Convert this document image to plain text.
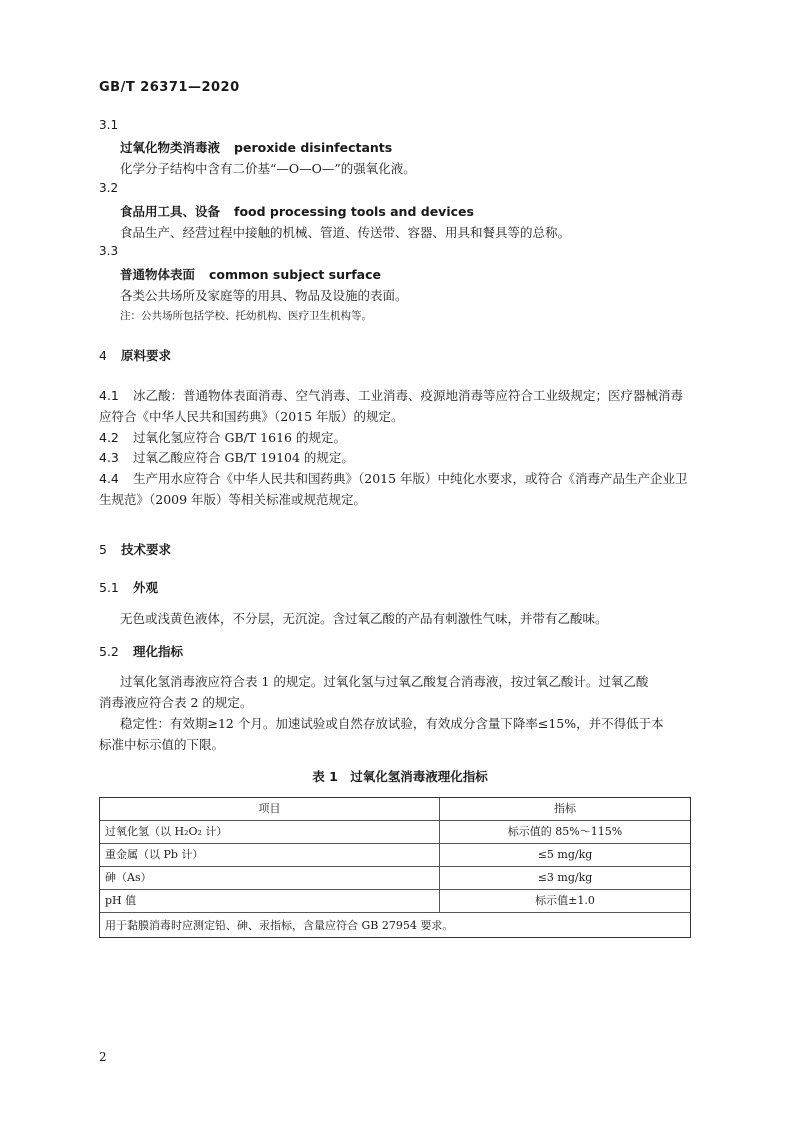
GB/T 26371—2020
3.1
过氧化物类消毒液 peroxide disinfectants
化学分子结构中含有二价基“—O—O—”的强氧化液。
3.2
食品用工具、设备 food processing tools and devices
食品生产、经营过程中接触的机械、管道、传送带、容器、用具和餐具等的总称。
3.3
普通物体表面 common subject surface
各类公共场所及家庭等的用具、物品及设施的表面。
注：公共场所包括学校、托幼机构、医疗卫生机构等。
4 原料要求
4.1 冰乙酸：普通物体表面消毒、空气消毒、工业消毒、疫源地消毒等应符合工业级规定；医疗器械消毒
应符合《中华人民共和国药典》（2015 年版）的规定。
4.2 过氧化氢应符合 GB/T 1616 的规定。
4.3 过氧乙酸应符合 GB/T 19104 的规定。
4.4 生产用水应符合《中华人民共和国药典》（2015 年版）中纯化水要求，或符合《消毒产品生产企业卫
生规范》（2009 年版）等相关标准或规范规定。
5 技术要求
5.1 外观
无色或浅黄色液体，不分层，无沉淀。含过氧乙酸的产品有刺激性气味，并带有乙酸味。
5.2 理化指标
过氧化氢消毒液应符合表 1 的规定。过氧化氢与过氧乙酸复合消毒液，按过氧乙酸计。过氧乙酸
消毒液应符合表 2 的规定。
稳定性：有效期≥12 个月。加速试验或自然存放试验，有效成分含量下降率≤15%，并不得低于本
标准中标示值的下限。
表 1　过氧化氢消毒液理化指标
项目	指标
过氧化氢（以 H₂O₂ 计）	标示值的 85%～115%
重金属（以 Pb 计）	≤5 mg/kg
砷（As）	≤3 mg/kg
pH 值	标示值±1.0
用于黏膜消毒时应测定铅、砷、汞指标，含量应符合 GB 27954 要求。
2
